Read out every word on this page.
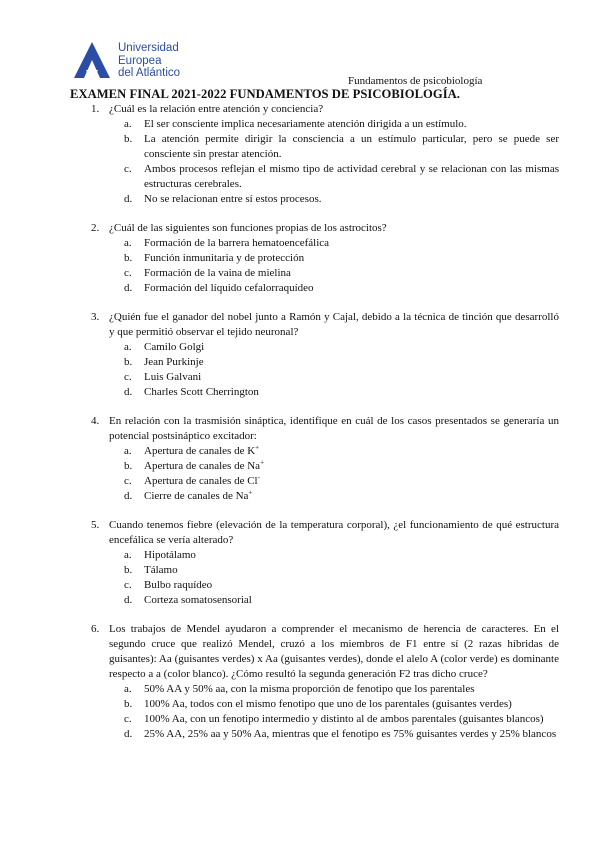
Universidad
Europea
del Atlántico
Fundamentos de psicobiología
EXAMEN FINAL 2021-2022 FUNDAMENTOS DE PSICOBIOLOGÍA.
1. ¿Cuál es la relación entre atención y conciencia?
a. El ser consciente implica necesariamente atención dirigida a un estímulo.
b. La atención permite dirigir la consciencia a un estímulo particular, pero se puede ser consciente sin prestar atención.
c. Ambos procesos reflejan el mismo tipo de actividad cerebral y se relacionan con las mismas estructuras cerebrales.
d. No se relacionan entre sí estos procesos.
2. ¿Cuál de las siguientes son funciones propias de los astrocitos?
a. Formación de la barrera hematoencefálica
b. Función inmunitaria y de protección
c. Formación de la vaina de mielina
d. Formación del líquido cefalorraquídeo
3. ¿Quién fue el ganador del nobel junto a Ramón y Cajal, debido a la técnica de tinción que desarrolló y que permitió observar el tejido neuronal?
a. Camilo Golgi
b. Jean Purkinje
c. Luis Galvani
d. Charles Scott Cherrington
4. En relación con la trasmisión sináptica, identifique en cuál de los casos presentados se generaría un potencial postsináptico excitador:
a. Apertura de canales de K+
b. Apertura de canales de Na+
c. Apertura de canales de Cl-
d. Cierre de canales de Na+
5. Cuando tenemos fiebre (elevación de la temperatura corporal), ¿el funcionamiento de qué estructura encefálica se vería alterado?
a. Hipotálamo
b. Tálamo
c. Bulbo raquídeo
d. Corteza somatosensorial
6. Los trabajos de Mendel ayudaron a comprender el mecanismo de herencia de caracteres. En el segundo cruce que realizó Mendel, cruzó a los miembros de F1 entre sí (2 razas híbridas de guisantes): Aa (guisantes verdes) x Aa (guisantes verdes), donde el alelo A (color verde) es dominante respecto a a (color blanco). ¿Cómo resultó la segunda generación F2 tras dicho cruce?
a. 50% AA y 50% aa, con la misma proporción de fenotipo que los parentales
b. 100% Aa, todos con el mismo fenotipo que uno de los parentales (guisantes verdes)
c. 100% Aa, con un fenotipo intermedio y distinto al de ambos parentales (guisantes blancos)
d. 25% AA, 25% aa y 50% Aa, mientras que el fenotipo es 75% guisantes verdes y 25% blancos
